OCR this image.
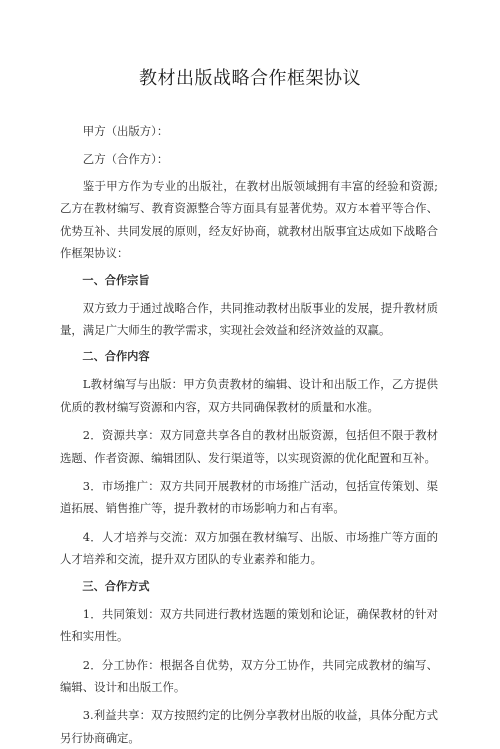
教材出版战略合作框架协议

甲方（出版方）：

乙方（合作方）：

鉴于甲方作为专业的出版社，在教材出版领域拥有丰富的经验和资源;乙方在教材编写、教育资源整合等方面具有显著优势。双方本着平等合作、优势互补、共同发展的原则，经友好协商，就教材出版事宜达成如下战略合作框架协议：

一、合作宗旨

双方致力于通过战略合作，共同推动教材出版事业的发展，提升教材质量，满足广大师生的教学需求，实现社会效益和经济效益的双赢。

二、合作内容

L教材编写与出版：甲方负责教材的编辑、设计和出版工作，乙方提供优质的教材编写资源和内容，双方共同确保教材的质量和水准。

2．资源共享：双方同意共享各自的教材出版资源，包括但不限于教材选题、作者资源、编辑团队、发行渠道等，以实现资源的优化配置和互补。

3．市场推广：双方共同开展教材的市场推广活动，包括宣传策划、渠道拓展、销售推广等，提升教材的市场影响力和占有率。

4．人才培养与交流：双方加强在教材编写、出版、市场推广等方面的人才培养和交流，提升双方团队的专业素养和能力。

三、合作方式

1．共同策划：双方共同进行教材选题的策划和论证，确保教材的针对性和实用性。

2．分工协作：根据各自优势，双方分工协作，共同完成教材的编写、编辑、设计和出版工作。

3.利益共享：双方按照约定的比例分享教材出版的收益，具体分配方式另行协商确定。
